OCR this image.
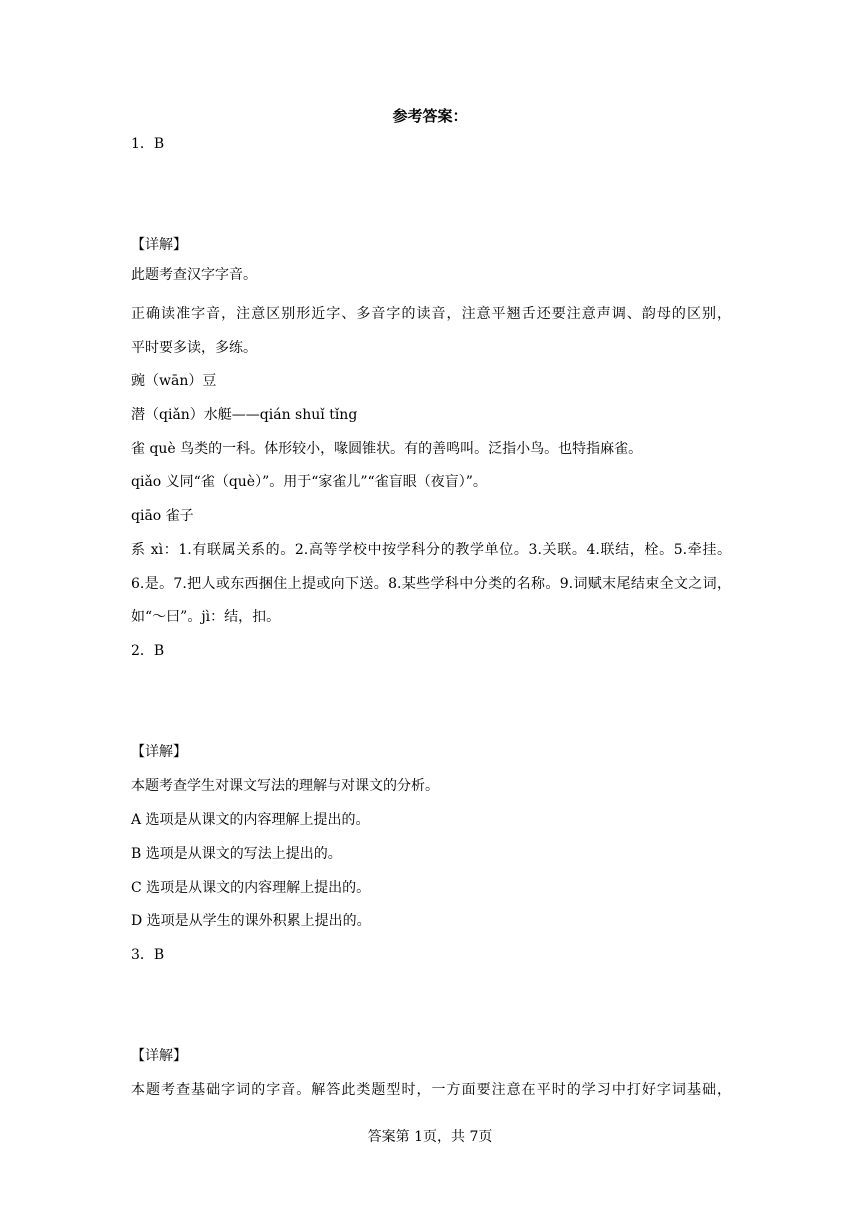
参考答案：
1．B
【详解】
此题考查汉字字音。
正确读准字音，注意区别形近字、多音字的读音，注意平翘舌还要注意声调、韵母的区别，
平时要多读，多练。
豌（wān）豆
潜（qiǎn）水艇——qián shuǐ tǐng
雀 què 鸟类的一科。体形较小，喙圆锥状。有的善鸣叫。泛指小鸟。也特指麻雀。
qiǎo 义同“雀（què）”。用于“家雀儿”“雀盲眼（夜盲）”。
qiāo 雀子
系 xì：1.有联属关系的。2.高等学校中按学科分的教学单位。3.关联。4.联结，栓。5.牵挂。
6.是。7.把人或东西捆住上提或向下送。8.某些学科中分类的名称。9.词赋末尾结束全文之词，
如“～曰”。jì：结，扣。
2．B
【详解】
本题考查学生对课文写法的理解与对课文的分析。
A 选项是从课文的内容理解上提出的。
B 选项是从课文的写法上提出的。
C 选项是从课文的内容理解上提出的。
D 选项是从学生的课外积累上提出的。
3．B
【详解】
本题考查基础字词的字音。解答此类题型时，一方面要注意在平时的学习中打好字词基础，
答案第 1页，共 7页
